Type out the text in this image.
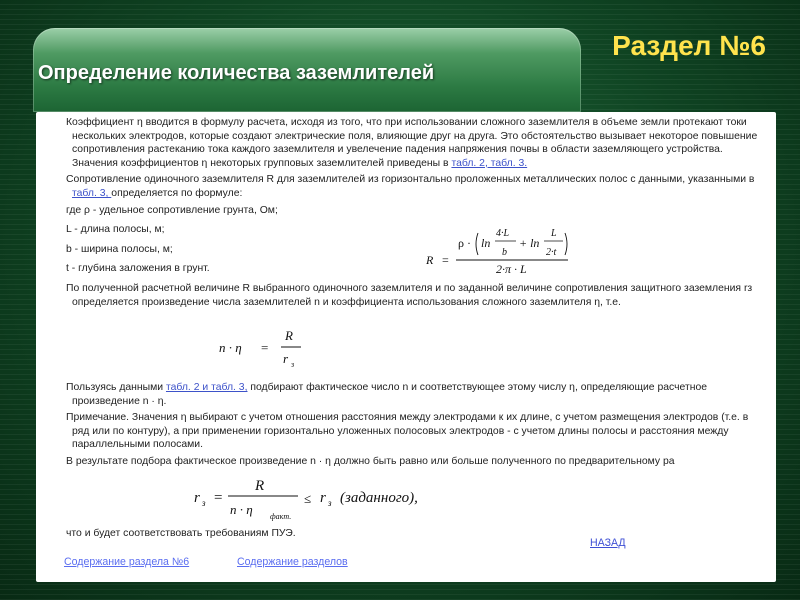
Раздел №6
Определение количества заземлителей

Коэффициент η вводится в формулу расчета, исходя из того, что при использовании сложного заземлителя в объеме земли протекают токи нескольких электродов, которые создают электрические поля, влияющие друг на друга. Это обстоятельство вызывает некоторое повышение сопротивления растеканию тока каждого заземлителя и увелечение падения напряжения почвы в области заземляющего устройства. Значения коэффициентов η некоторых групповых заземлителей приведены в табл. 2, табл. 3.

Сопротивление одиночного заземлителя R для заземлителей из горизонтально проложенных металлических полос с данными, указанными в табл. 3, определяется по формуле:

где ρ - удельное сопротивление грунта, Ом;

L - длина полосы, м;

b - ширина полосы, м;

t - глубина заложения в грунт.

По полученной расчетной величине R выбранного одиночного заземлителя и по заданной величине сопротивления защитного заземления rз определяется произведение числа заземлителей n и коэффициента использования сложного заземлителя η, т.е.

Пользуясь данными табл. 2 и табл. 3, подбирают фактическое число n и соответствующее этому числу η, определяющие расчетное произведение n · η.

Примечание. Значения η выбирают с учетом отношения расстояния между электродами к их длине, с учетом размещения электродов (т.е. в ряд или по контуру), а при применении горизонтально уложенных полосовых электродов - с учетом длины полосы и расстояния между параллельными полосами.

В результате подбора фактическое произведение n · η должно быть равно или больше полученного по предварительному ра

что и будет соответствовать требованиям ПУЭ.
R =
ρ · ln
4·L
b
+ ln
L
2·t
2·π · L
n · η =
R
r з
r з =
R
n · η факт.
≤ r з (заданного),
НАЗАД
Содержание раздела №6	Содержание разделов
